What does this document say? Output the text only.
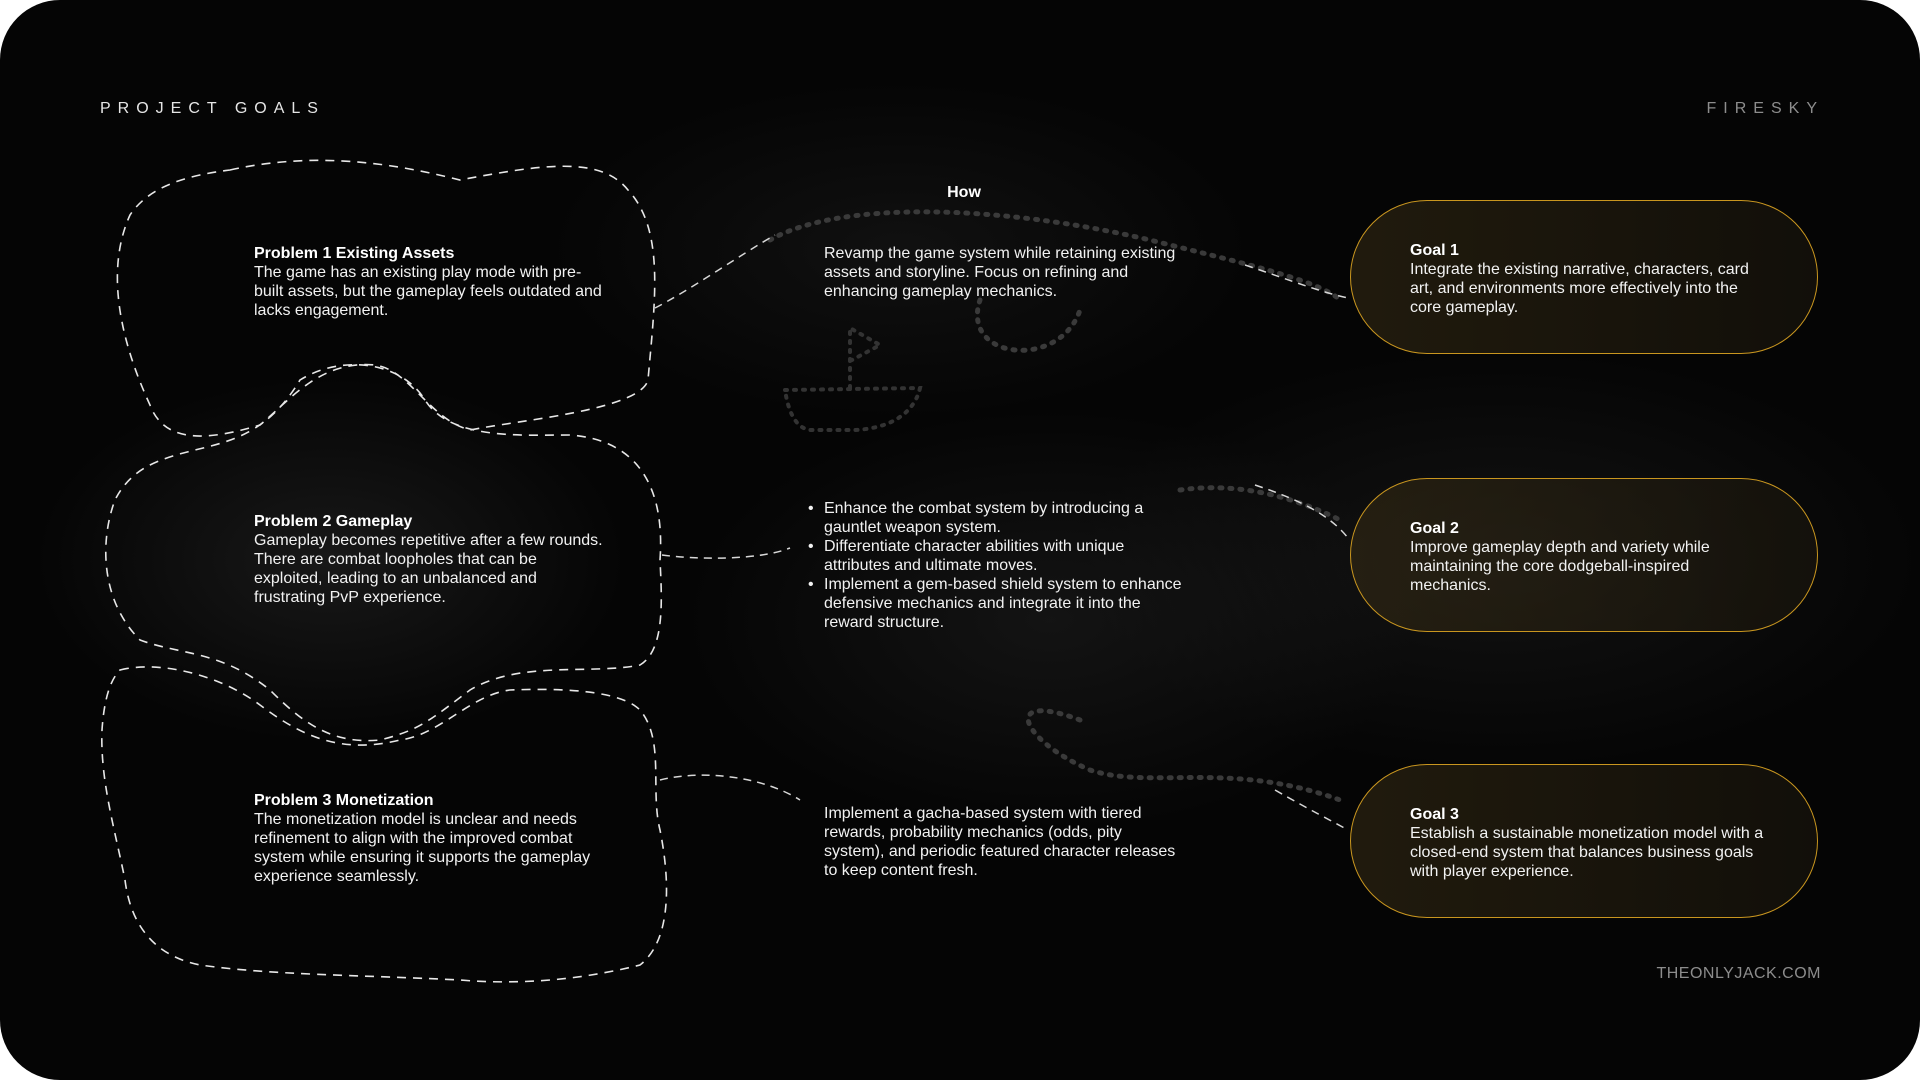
PROJECT GOALS	FIRESKY
How
Problem 1 Existing Assets
The game has an existing play mode with pre-built assets, but the gameplay feels outdated and lacks engagement.
Problem 2 Gameplay
Gameplay becomes repetitive after a few rounds. There are combat loopholes that can be exploited, leading to an unbalanced and frustrating PvP experience.
Problem 3 Monetization
The monetization model is unclear and needs refinement to align with the improved combat system while ensuring it supports the gameplay experience seamlessly.
Revamp the game system while retaining existing assets and storyline. Focus on refining and enhancing gameplay mechanics.
• Enhance the combat system by introducing a gauntlet weapon system.
• Differentiate character abilities with unique attributes and ultimate moves.
• Implement a gem-based shield system to enhance defensive mechanics and integrate it into the reward structure.
Implement a gacha-based system with tiered rewards, probability mechanics (odds, pity system), and periodic featured character releases to keep content fresh.
Goal 1
Integrate the existing narrative, characters, card art, and environments more effectively into the core gameplay.
Goal 2
Improve gameplay depth and variety while maintaining the core dodgeball-inspired mechanics.
Goal 3
Establish a sustainable monetization model with a closed-end system that balances business goals with player experience.
THEONLYJACK.COM
